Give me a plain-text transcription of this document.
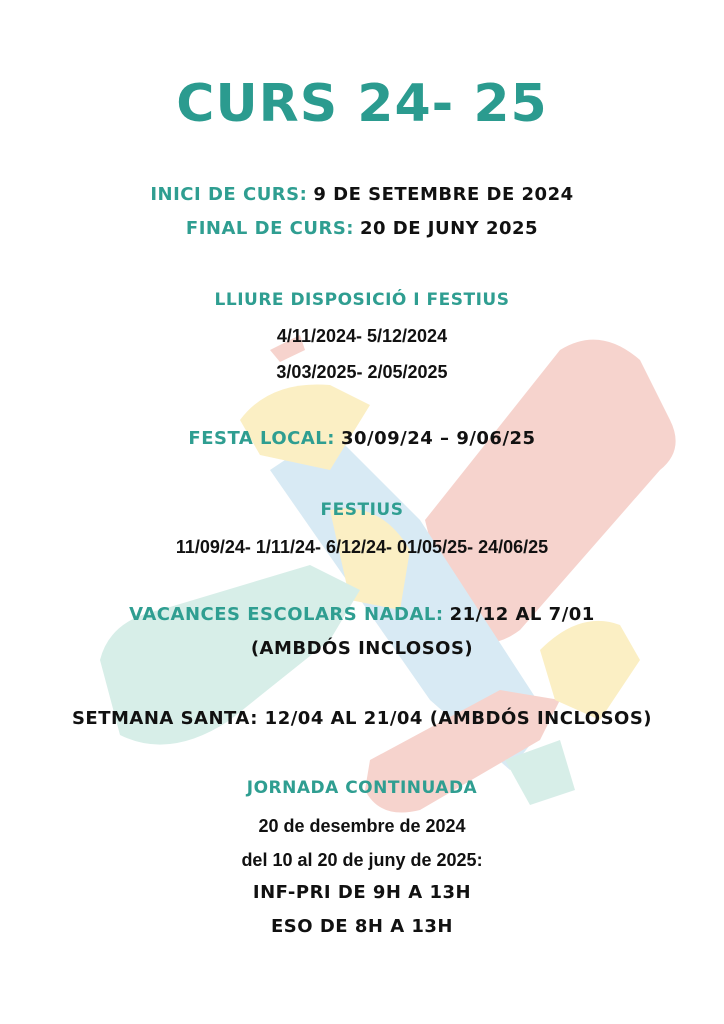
CURS 24- 25
INICI DE CURS: 9 DE SETEMBRE DE 2024
FINAL DE CURS: 20 DE JUNY 2025
LLIURE DISPOSICIÓ I FESTIUS
4/11/2024- 5/12/2024
3/03/2025- 2/05/2025
FESTA LOCAL: 30/09/24 – 9/06/25
FESTIUS
11/09/24- 1/11/24- 6/12/24- 01/05/25- 24/06/25
VACANCES ESCOLARS NADAL: 21/12 AL 7/01
(AMBDÓS INCLOSOS)
SETMANA SANTA: 12/04 AL 21/04 (AMBDÓS INCLOSOS)
JORNADA CONTINUADA
20 de desembre de 2024
del 10 al 20 de juny de 2025:
INF-PRI DE 9H A 13H
ESO DE 8H A 13H
